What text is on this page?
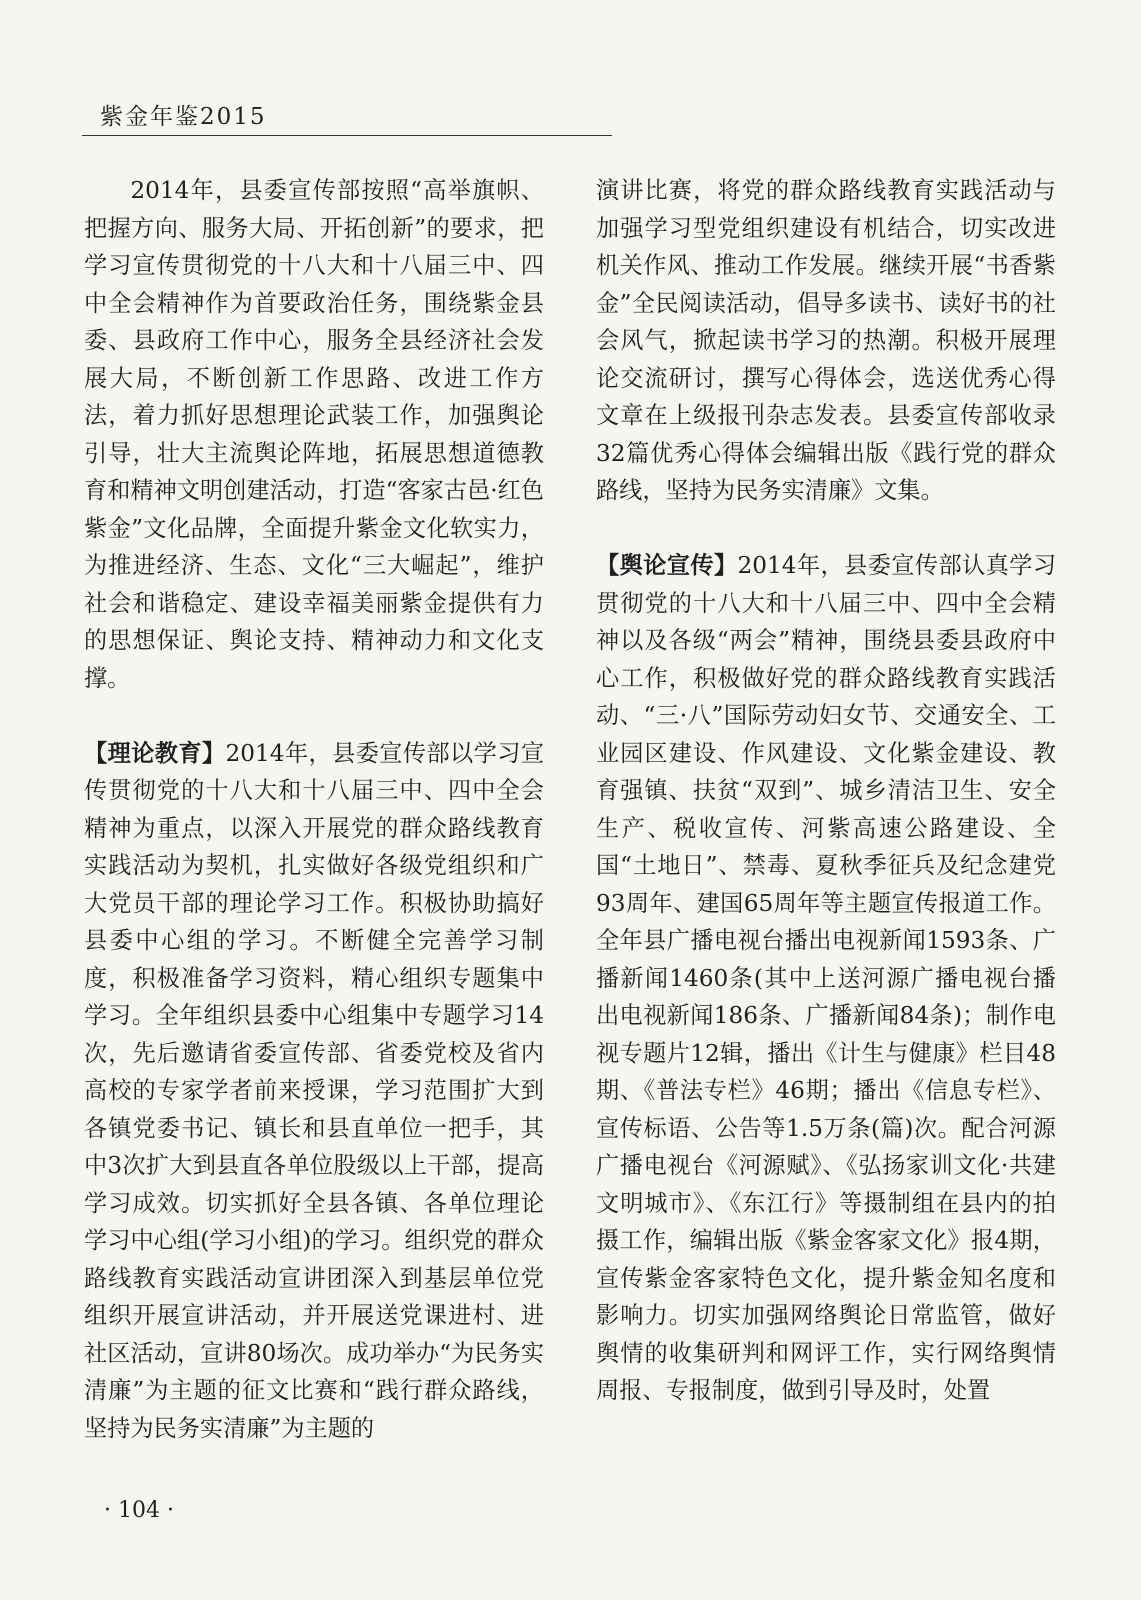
紫金年鉴2015

2014年，县委宣传部按照“高举旗帜、把握方向、服务大局、开拓创新”的要求，把学习宣传贯彻党的十八大和十八届三中、四中全会精神作为首要政治任务，围绕紫金县委、县政府工作中心，服务全县经济社会发展大局，不断创新工作思路、改进工作方法，着力抓好思想理论武装工作，加强舆论引导，壮大主流舆论阵地，拓展思想道德教育和精神文明创建活动，打造“客家古邑·红色紫金”文化品牌，全面提升紫金文化软实力，为推进经济、生态、文化“三大崛起”，维护社会和谐稳定、建设幸福美丽紫金提供有力的思想保证、舆论支持、精神动力和文化支撑。

【理论教育】2014年，县委宣传部以学习宣传贯彻党的十八大和十八届三中、四中全会精神为重点，以深入开展党的群众路线教育实践活动为契机，扎实做好各级党组织和广大党员干部的理论学习工作。积极协助搞好县委中心组的学习。不断健全完善学习制度，积极准备学习资料，精心组织专题集中学习。全年组织县委中心组集中专题学习14次，先后邀请省委宣传部、省委党校及省内高校的专家学者前来授课，学习范围扩大到各镇党委书记、镇长和县直单位一把手，其中3次扩大到县直各单位股级以上干部，提高学习成效。切实抓好全县各镇、各单位理论学习中心组(学习小组)的学习。组织党的群众路线教育实践活动宣讲团深入到基层单位党组织开展宣讲活动，并开展送党课进村、进社区活动，宣讲80场次。成功举办“为民务实清廉”为主题的征文比赛和“践行群众路线，坚持为民务实清廉”为主题的

演讲比赛，将党的群众路线教育实践活动与加强学习型党组织建设有机结合，切实改进机关作风、推动工作发展。继续开展“书香紫金”全民阅读活动，倡导多读书、读好书的社会风气，掀起读书学习的热潮。积极开展理论交流研讨，撰写心得体会，选送优秀心得文章在上级报刊杂志发表。县委宣传部收录32篇优秀心得体会编辑出版《践行党的群众路线，坚持为民务实清廉》文集。

【舆论宣传】2014年，县委宣传部认真学习贯彻党的十八大和十八届三中、四中全会精神以及各级“两会”精神，围绕县委县政府中心工作，积极做好党的群众路线教育实践活动、“三·八”国际劳动妇女节、交通安全、工业园区建设、作风建设、文化紫金建设、教育强镇、扶贫“双到”、城乡清洁卫生、安全生产、税收宣传、河紫高速公路建设、全国“土地日”、禁毒、夏秋季征兵及纪念建党93周年、建国65周年等主题宣传报道工作。全年县广播电视台播出电视新闻1593条、广播新闻1460条(其中上送河源广播电视台播出电视新闻186条、广播新闻84条)；制作电视专题片12辑，播出《计生与健康》栏目48期、《普法专栏》46期；播出《信息专栏》、宣传标语、公告等1.5万条(篇)次。配合河源广播电视台《河源赋》、《弘扬家训文化·共建文明城市》、《东江行》等摄制组在县内的拍摄工作，编辑出版《紫金客家文化》报4期，宣传紫金客家特色文化，提升紫金知名度和影响力。切实加强网络舆论日常监管，做好舆情的收集研判和网评工作，实行网络舆情周报、专报制度，做到引导及时，处置

· 104 ·
